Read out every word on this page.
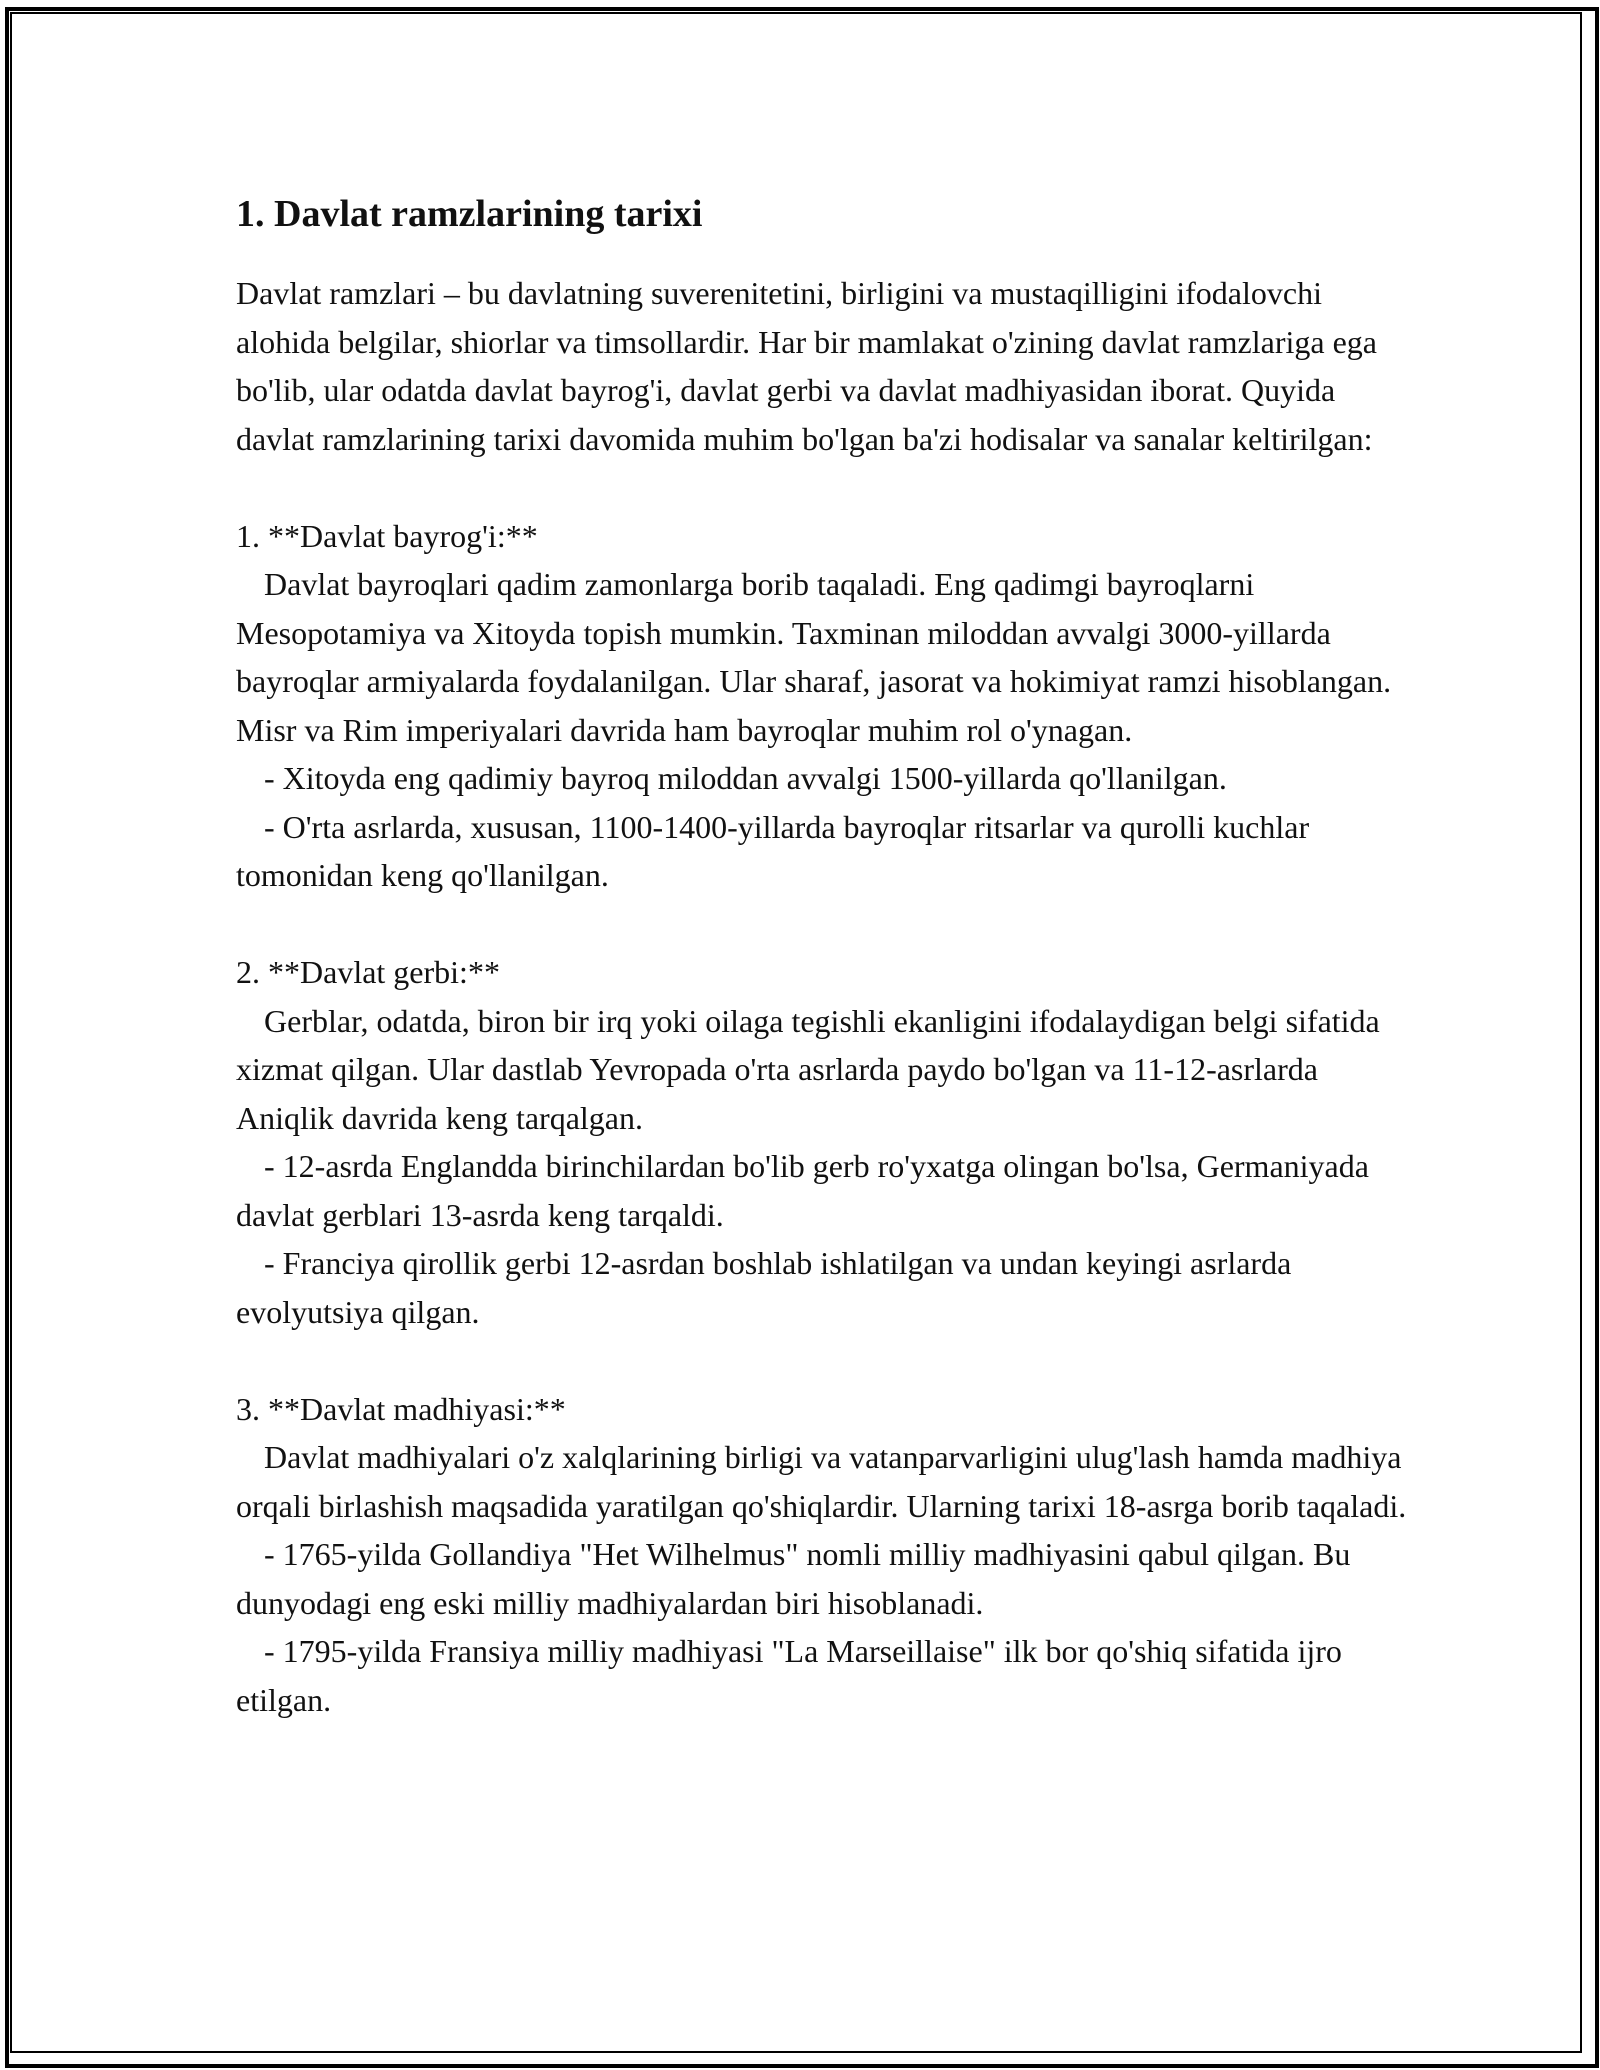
1. Davlat ramzlarining tarixi

Davlat ramzlari – bu davlatning suverenitetini, birligini va mustaqilligini ifodalovchi alohida belgilar, shiorlar va timsollardir. Har bir mamlakat o'zining davlat ramzlariga ega bo'lib, ular odatda davlat bayrog'i, davlat gerbi va davlat madhiyasidan iborat. Quyida davlat ramzlarining tarixi davomida muhim bo'lgan ba'zi hodisalar va sanalar keltirilgan:

1. **Davlat bayrog'i:**

Davlat bayroqlari qadim zamonlarga borib taqaladi. Eng qadimgi bayroqlarni Mesopotamiya va Xitoyda topish mumkin. Taxminan miloddan avvalgi 3000-yillarda bayroqlar armiyalarda foydalanilgan. Ular sharaf, jasorat va hokimiyat ramzi hisoblangan. Misr va Rim imperiyalari davrida ham bayroqlar muhim rol o'ynagan.

- Xitoyda eng qadimiy bayroq miloddan avvalgi 1500-yillarda qo'llanilgan.

- O'rta asrlarda, xususan, 1100-1400-yillarda bayroqlar ritsarlar va qurolli kuchlar tomonidan keng qo'llanilgan.

2. **Davlat gerbi:**

Gerblar, odatda, biron bir irq yoki oilaga tegishli ekanligini ifodalaydigan belgi sifatida xizmat qilgan. Ular dastlab Yevropada o'rta asrlarda paydo bo'lgan va 11-12-asrlarda Aniqlik davrida keng tarqalgan.

- 12-asrda Englandda birinchilardan bo'lib gerb ro'yxatga olingan bo'lsa, Germaniyada davlat gerblari 13-asrda keng tarqaldi.

- Franciya qirollik gerbi 12-asrdan boshlab ishlatilgan va undan keyingi asrlarda evolyutsiya qilgan.

3. **Davlat madhiyasi:**

Davlat madhiyalari o'z xalqlarining birligi va vatanparvarligini ulug'lash hamda madhiya orqali birlashish maqsadida yaratilgan qo'shiqlardir. Ularning tarixi 18-asrga borib taqaladi.

- 1765-yilda Gollandiya "Het Wilhelmus" nomli milliy madhiyasini qabul qilgan. Bu dunyodagi eng eski milliy madhiyalardan biri hisoblanadi.

- 1795-yilda Fransiya milliy madhiyasi "La Marseillaise" ilk bor qo'shiq sifatida ijro etilgan.
